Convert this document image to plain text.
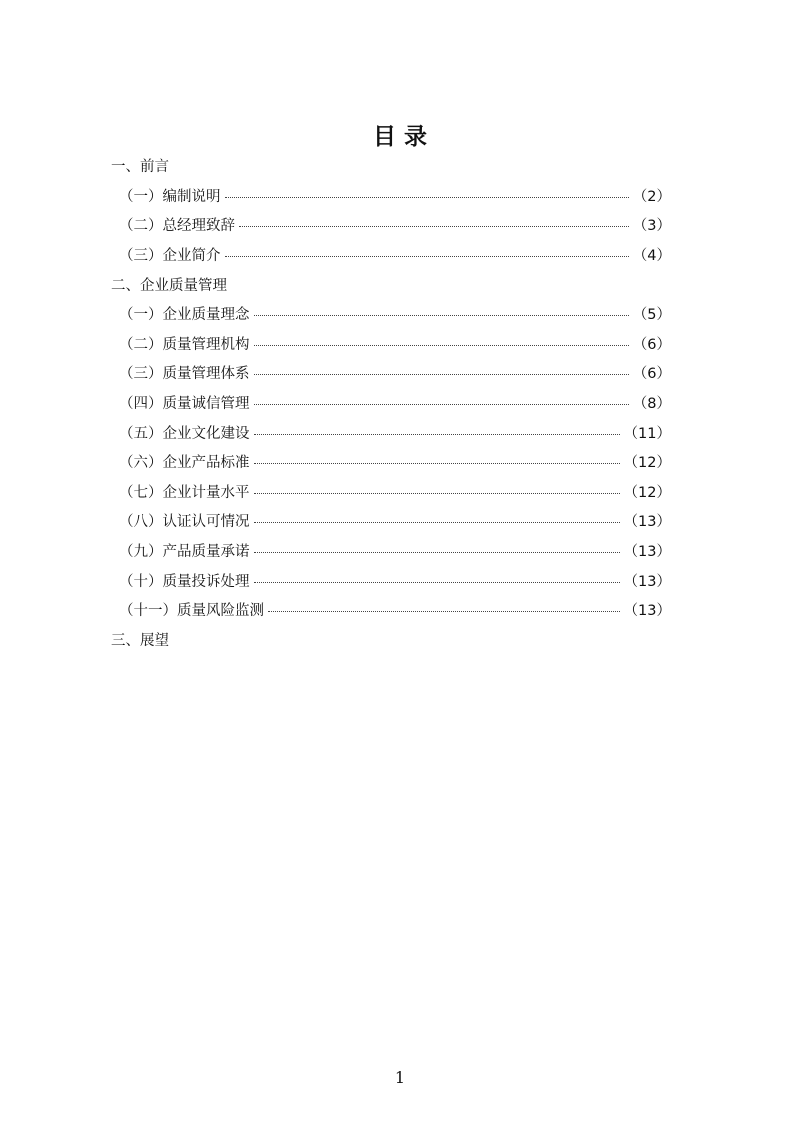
目 录
一、前言
（一）编制说明	（2）
（二）总经理致辞	（3）
（三）企业简介	（4）
二、企业质量管理
（一）企业质量理念	（5）
（二）质量管理机构	（6）
（三）质量管理体系	（6）
（四）质量诚信管理	（8）
（五）企业文化建设	（11）
（六）企业产品标准	（12）
（七）企业计量水平	（12）
（八）认证认可情况	（13）
（九）产品质量承诺	（13）
（十）质量投诉处理	（13）
（十一）质量风险监测	（13）
三、展望
1
